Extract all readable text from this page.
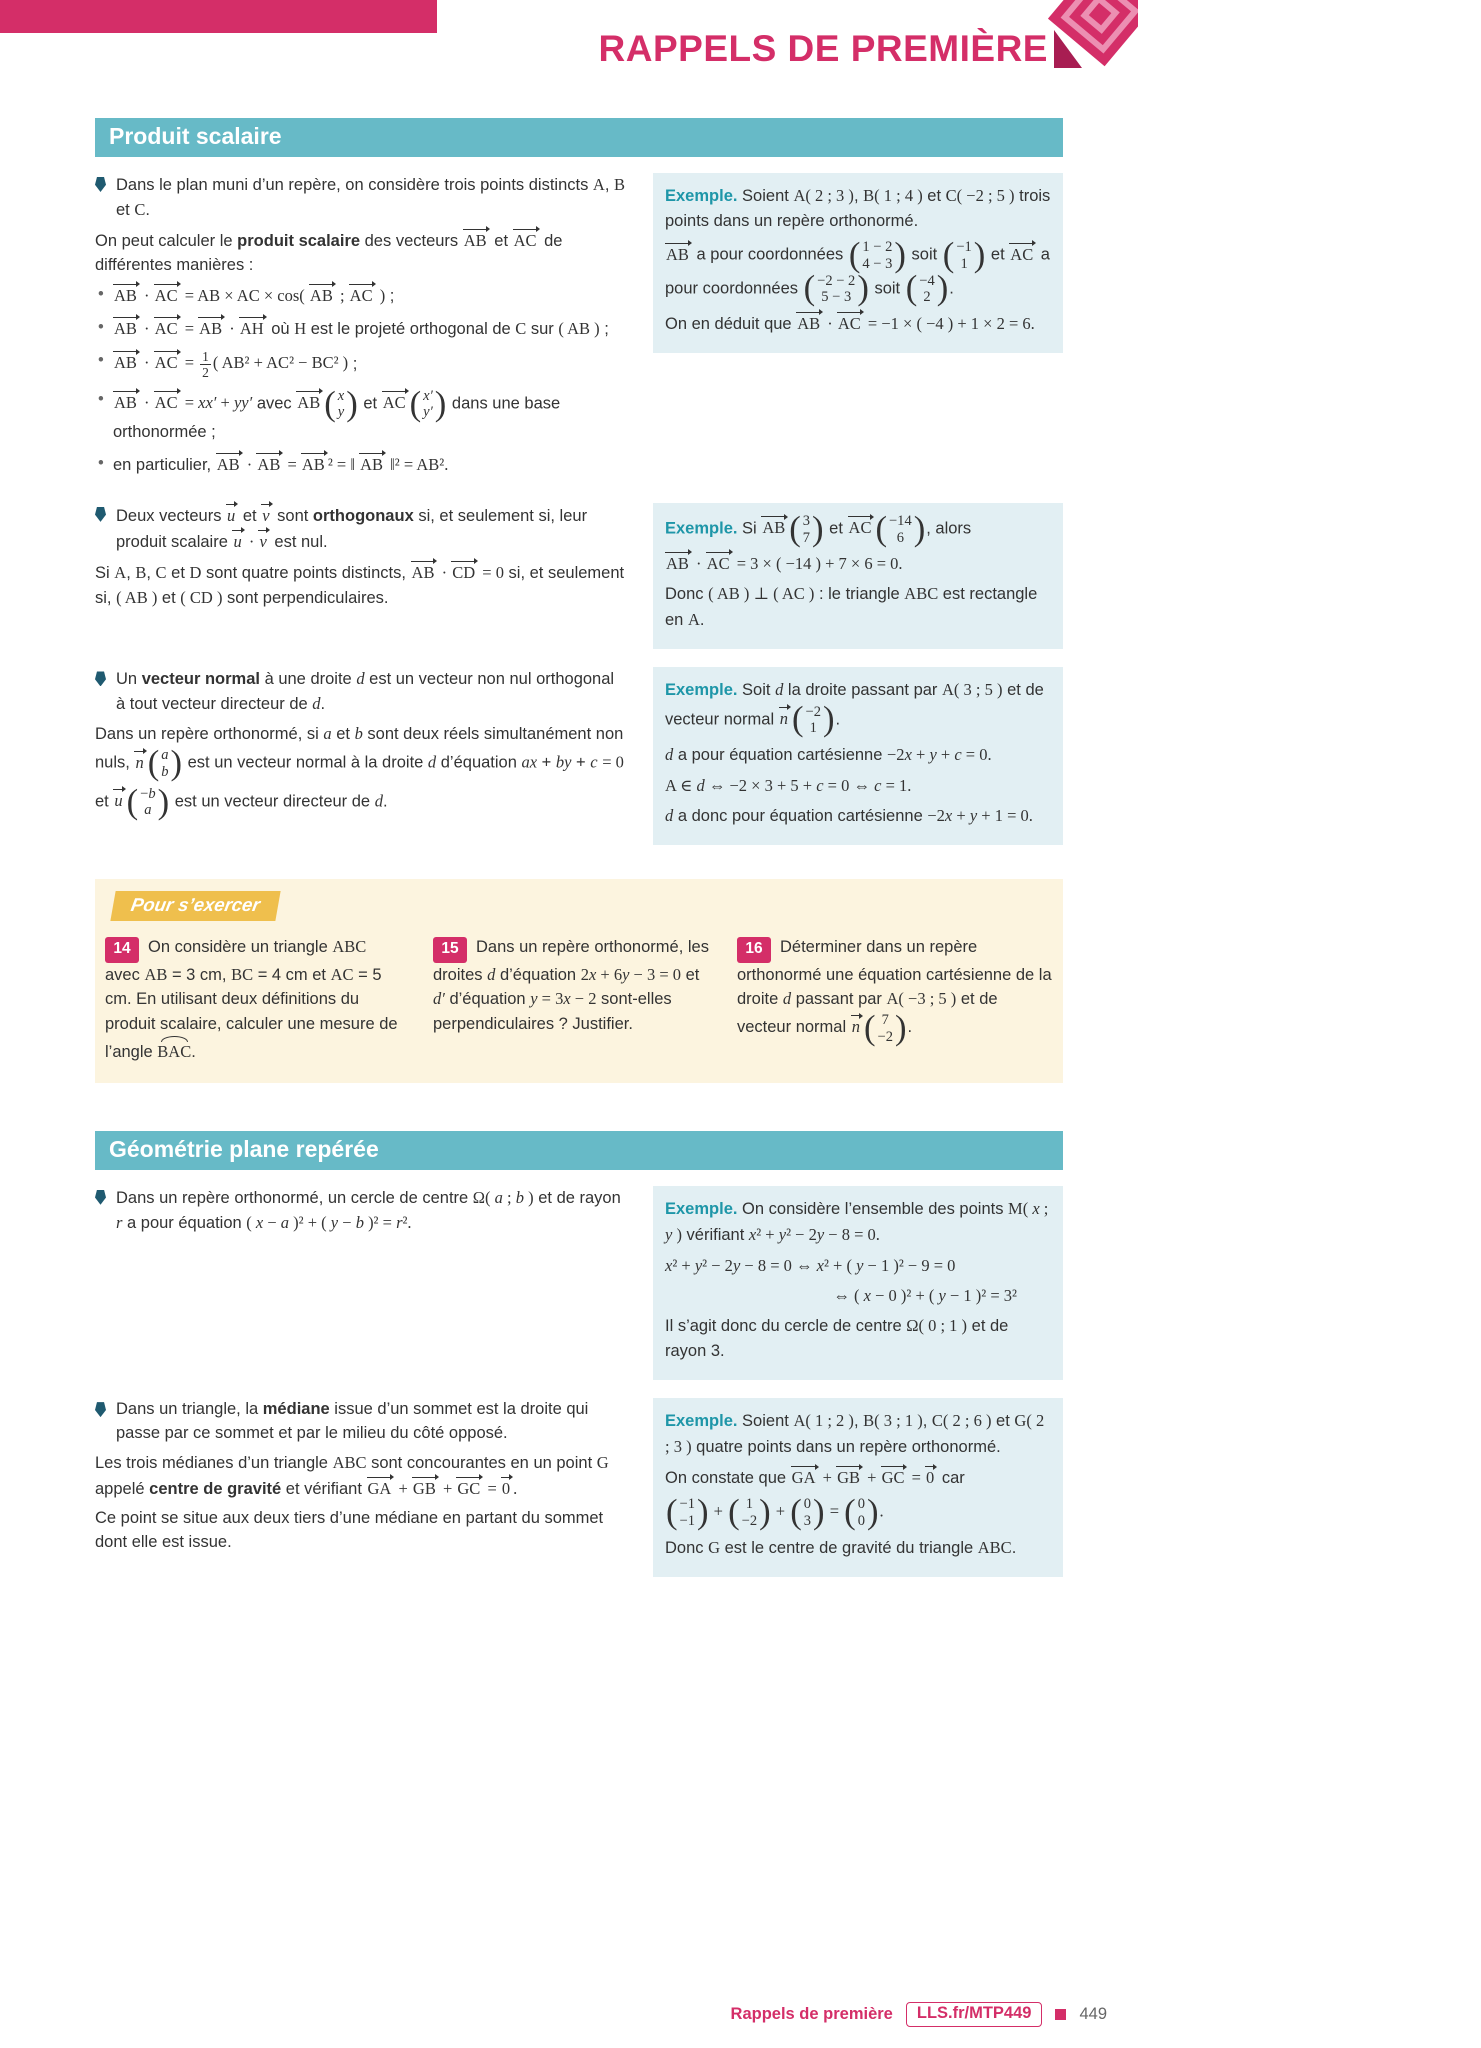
RAPPELS DE PREMIÈRE
Produit scalaire
Dans le plan muni d’un repère, on considère trois points distincts A, B et C.
On peut calculer le produit scalaire des vecteurs AB et AC de différentes manières :
• AB · AC = AB × AC × cos( AB ; AC ) ;
• AB · AC = AB · AH où H est le projeté orthogonal de C sur ( AB ) ;
• AB · AC = $\frac{1}{2}$ ( AB² + AC² − BC² ) ;
• AB · AC = xx′ + yy′ avec AB ( x
y ) et AC ( x′
y′ ) dans une base orthonormée ;
• en particulier, AB · AB = AB ² = ‖ AB ‖² = AB².
Exemple. Soient A( 2 ; 3 ), B( 1 ; 4 ) et C( −2 ; 5 ) trois points dans un repère orthonormé.
AB a pour coordonnées ( 1 − 2
4 − 3 ) soit ( −1
1 ) et AC a pour coordonnées ( −2 − 2
5 − 3 ) soit ( −4
2 ) .
On en déduit que AB · AC = −1 × ( −4 ) + 1 × 2 = 6.
Deux vecteurs u et v sont orthogonaux si, et seulement si, leur produit scalaire u · v est nul.
Si A, B, C et D sont quatre points distincts, AB · CD = 0 si, et seulement si, ( AB ) et ( CD ) sont perpendiculaires.
Exemple. Si AB ( 3
7 ) et AC ( −14
6 ) , alors
AB · AC = 3 × ( −14 ) + 7 × 6 = 0.
Donc ( AB ) ⊥ ( AC ) : le triangle ABC est rectangle en A.
Un vecteur normal à une droite d est un vecteur non nul orthogonal à tout vecteur directeur de d.
Dans un repère orthonormé, si a et b sont deux réels simultanément non nuls, n ( a
b ) est un vecteur normal à la droite d d’équation ax + by + c = 0
et u ( −b
a ) est un vecteur directeur de d.
Exemple. Soit d la droite passant par A( 3 ; 5 ) et de vecteur normal n ( −2
1 ) .
d a pour équation cartésienne −2x + y + c = 0.
A ∈ d ⇔ −2 × 3 + 5 + c = 0 ⇔ c = 1.
d a donc pour équation cartésienne −2x + y + 1 = 0.
Pour s’exercer
14 On considère un triangle ABC avec AB = 3 cm, BC = 4 cm et AC = 5 cm. En utilisant deux définitions du produit scalaire, calculer une mesure de l’angle BAC.
15 Dans un repère orthonormé, les droites d d’équation 2x + 6y − 3 = 0 et d′ d’équation y = 3x − 2 sont-elles perpendiculaires ? Justifier.
16 Déterminer dans un repère orthonormé une équation cartésienne de la droite d passant par A( −3 ; 5 ) et de vecteur normal n ( 7
−2 ) .
Géométrie plane repérée
Dans un repère orthonormé, un cercle de centre Ω( a ; b ) et de rayon r a pour équation ( x − a )² + ( y − b )² = r².
Exemple. On considère l’ensemble des points M( x ; y ) vérifiant x² + y² − 2y − 8 = 0.
x² + y² − 2y − 8 = 0 ⇔ x² + ( y − 1 )² − 9 = 0
⇔ ( x − 0 )² + ( y − 1 )² = 3²
Il s’agit donc du cercle de centre Ω( 0 ; 1 ) et de rayon 3.
Dans un triangle, la médiane issue d’un sommet est la droite qui passe par ce sommet et par le milieu du côté opposé.
Les trois médianes d’un triangle ABC sont concourantes en un point G appelé centre de gravité et vérifiant GA + GB + GC = 0 .
Ce point se situe aux deux tiers d’une médiane en partant du sommet dont elle est issue.
Exemple. Soient A( 1 ; 2 ), B( 3 ; 1 ), C( 2 ; 6 ) et G( 2 ; 3 ) quatre points dans un repère orthonormé.
On constate que GA + GB + GC = 0 car
( −1
−1 ) + ( 1
−2 ) + ( 0
3 ) = ( 0
0 ) .
Donc G est le centre de gravité du triangle ABC.
Rappels de première	LLS.fr/MTP449	449
